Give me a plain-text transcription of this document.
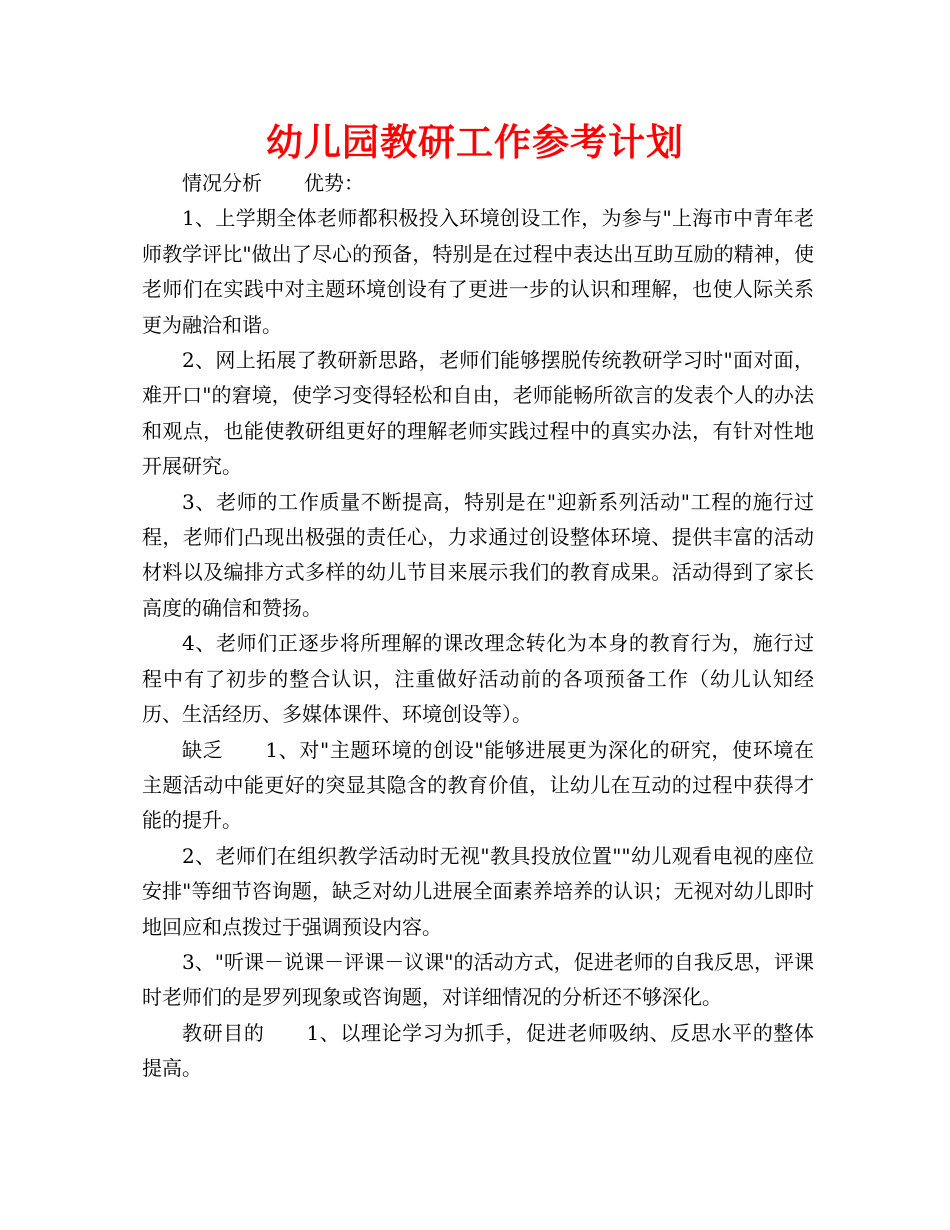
幼儿园教研工作参考计划

情况分析 优势：

1、上学期全体老师都积极投入环境创设工作，为参与"上海市中青年老师教学评比"做出了尽心的预备，特别是在过程中表达出互助互励的精神，使老师们在实践中对主题环境创设有了更进一步的认识和理解，也使人际关系更为融洽和谐。

2、网上拓展了教研新思路，老师们能够摆脱传统教研学习时"面对面，难开口"的窘境，使学习变得轻松和自由，老师能畅所欲言的发表个人的办法和观点，也能使教研组更好的理解老师实践过程中的真实办法，有针对性地开展研究。

3、老师的工作质量不断提高，特别是在"迎新系列活动"工程的施行过程，老师们凸现出极强的责任心，力求通过创设整体环境、提供丰富的活动材料以及编排方式多样的幼儿节目来展示我们的教育成果。活动得到了家长高度的确信和赞扬。

4、老师们正逐步将所理解的课改理念转化为本身的教育行为，施行过程中有了初步的整合认识，注重做好活动前的各项预备工作（幼儿认知经历、生活经历、多媒体课件、环境创设等）。

缺乏 1、对"主题环境的创设"能够进展更为深化的研究，使环境在主题活动中能更好的突显其隐含的教育价值，让幼儿在互动的过程中获得才能的提升。

2、老师们在组织教学活动时无视"教具投放位置""幼儿观看电视的座位安排"等细节咨询题，缺乏对幼儿进展全面素养培养的认识；无视对幼儿即时地回应和点拨过于强调预设内容。

3、"听课－说课－评课－议课"的活动方式，促进老师的自我反思，评课时老师们的是罗列现象或咨询题，对详细情况的分析还不够深化。

教研目的 1、以理论学习为抓手，促进老师吸纳、反思水平的整体提高。
